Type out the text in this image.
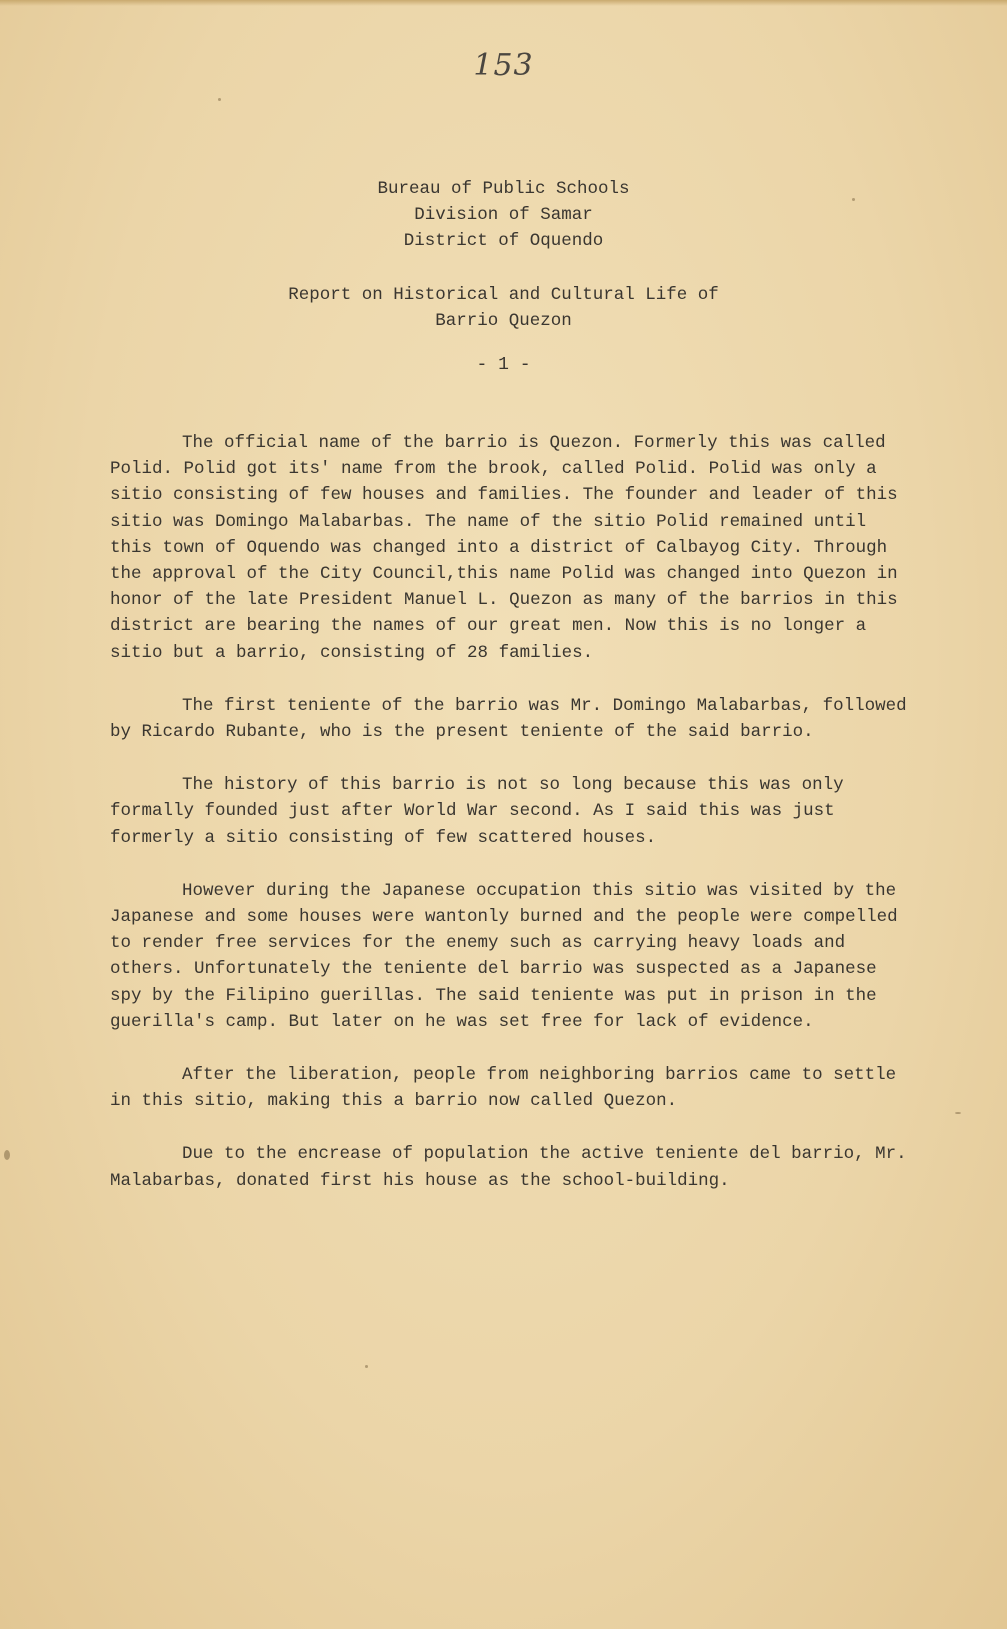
153
Bureau of Public Schools
Division of Samar
District of Oquendo
Report on Historical and Cultural Life of
Barrio Quezon
- 1 -

The official name of the barrio is Quezon. Formerly this was called Polid. Polid got its' name from the brook, called Polid. Polid was only a sitio consisting of few houses and families. The founder and leader of this sitio was Domingo Malabarbas. The name of the sitio Polid remained until this town of Oquendo was changed into a district of Calbayog City. Through the approval of the City Council,this name Polid was changed into Quezon in honor of the late President Manuel L. Quezon as many of the barrios in this district are bearing the names of our great men. Now this is no longer a sitio but a barrio, consisting of 28 families.

The first teniente of the barrio was Mr. Domingo Malabarbas, followed by Ricardo Rubante, who is the present teniente of the said barrio.

The history of this barrio is not so long because this was only formally founded just after World War second. As I said this was just formerly a sitio consisting of few scattered houses.

However during the Japanese occupation this sitio was visited by the Japanese and some houses were wantonly burned and the people were compelled to render free services for the enemy such as carrying heavy loads and others. Unfortunately the teniente del barrio was suspected as a Japanese spy by the Filipino guerillas. The said teniente was put in prison in the guerilla's camp. But later on he was set free for lack of evidence.

After the liberation, people from neighboring barrios came to settle in this sitio, making this a barrio now called Quezon.

Due to the encrease of population the active teniente del barrio, Mr. Malabarbas, donated first his house as the school-building.
